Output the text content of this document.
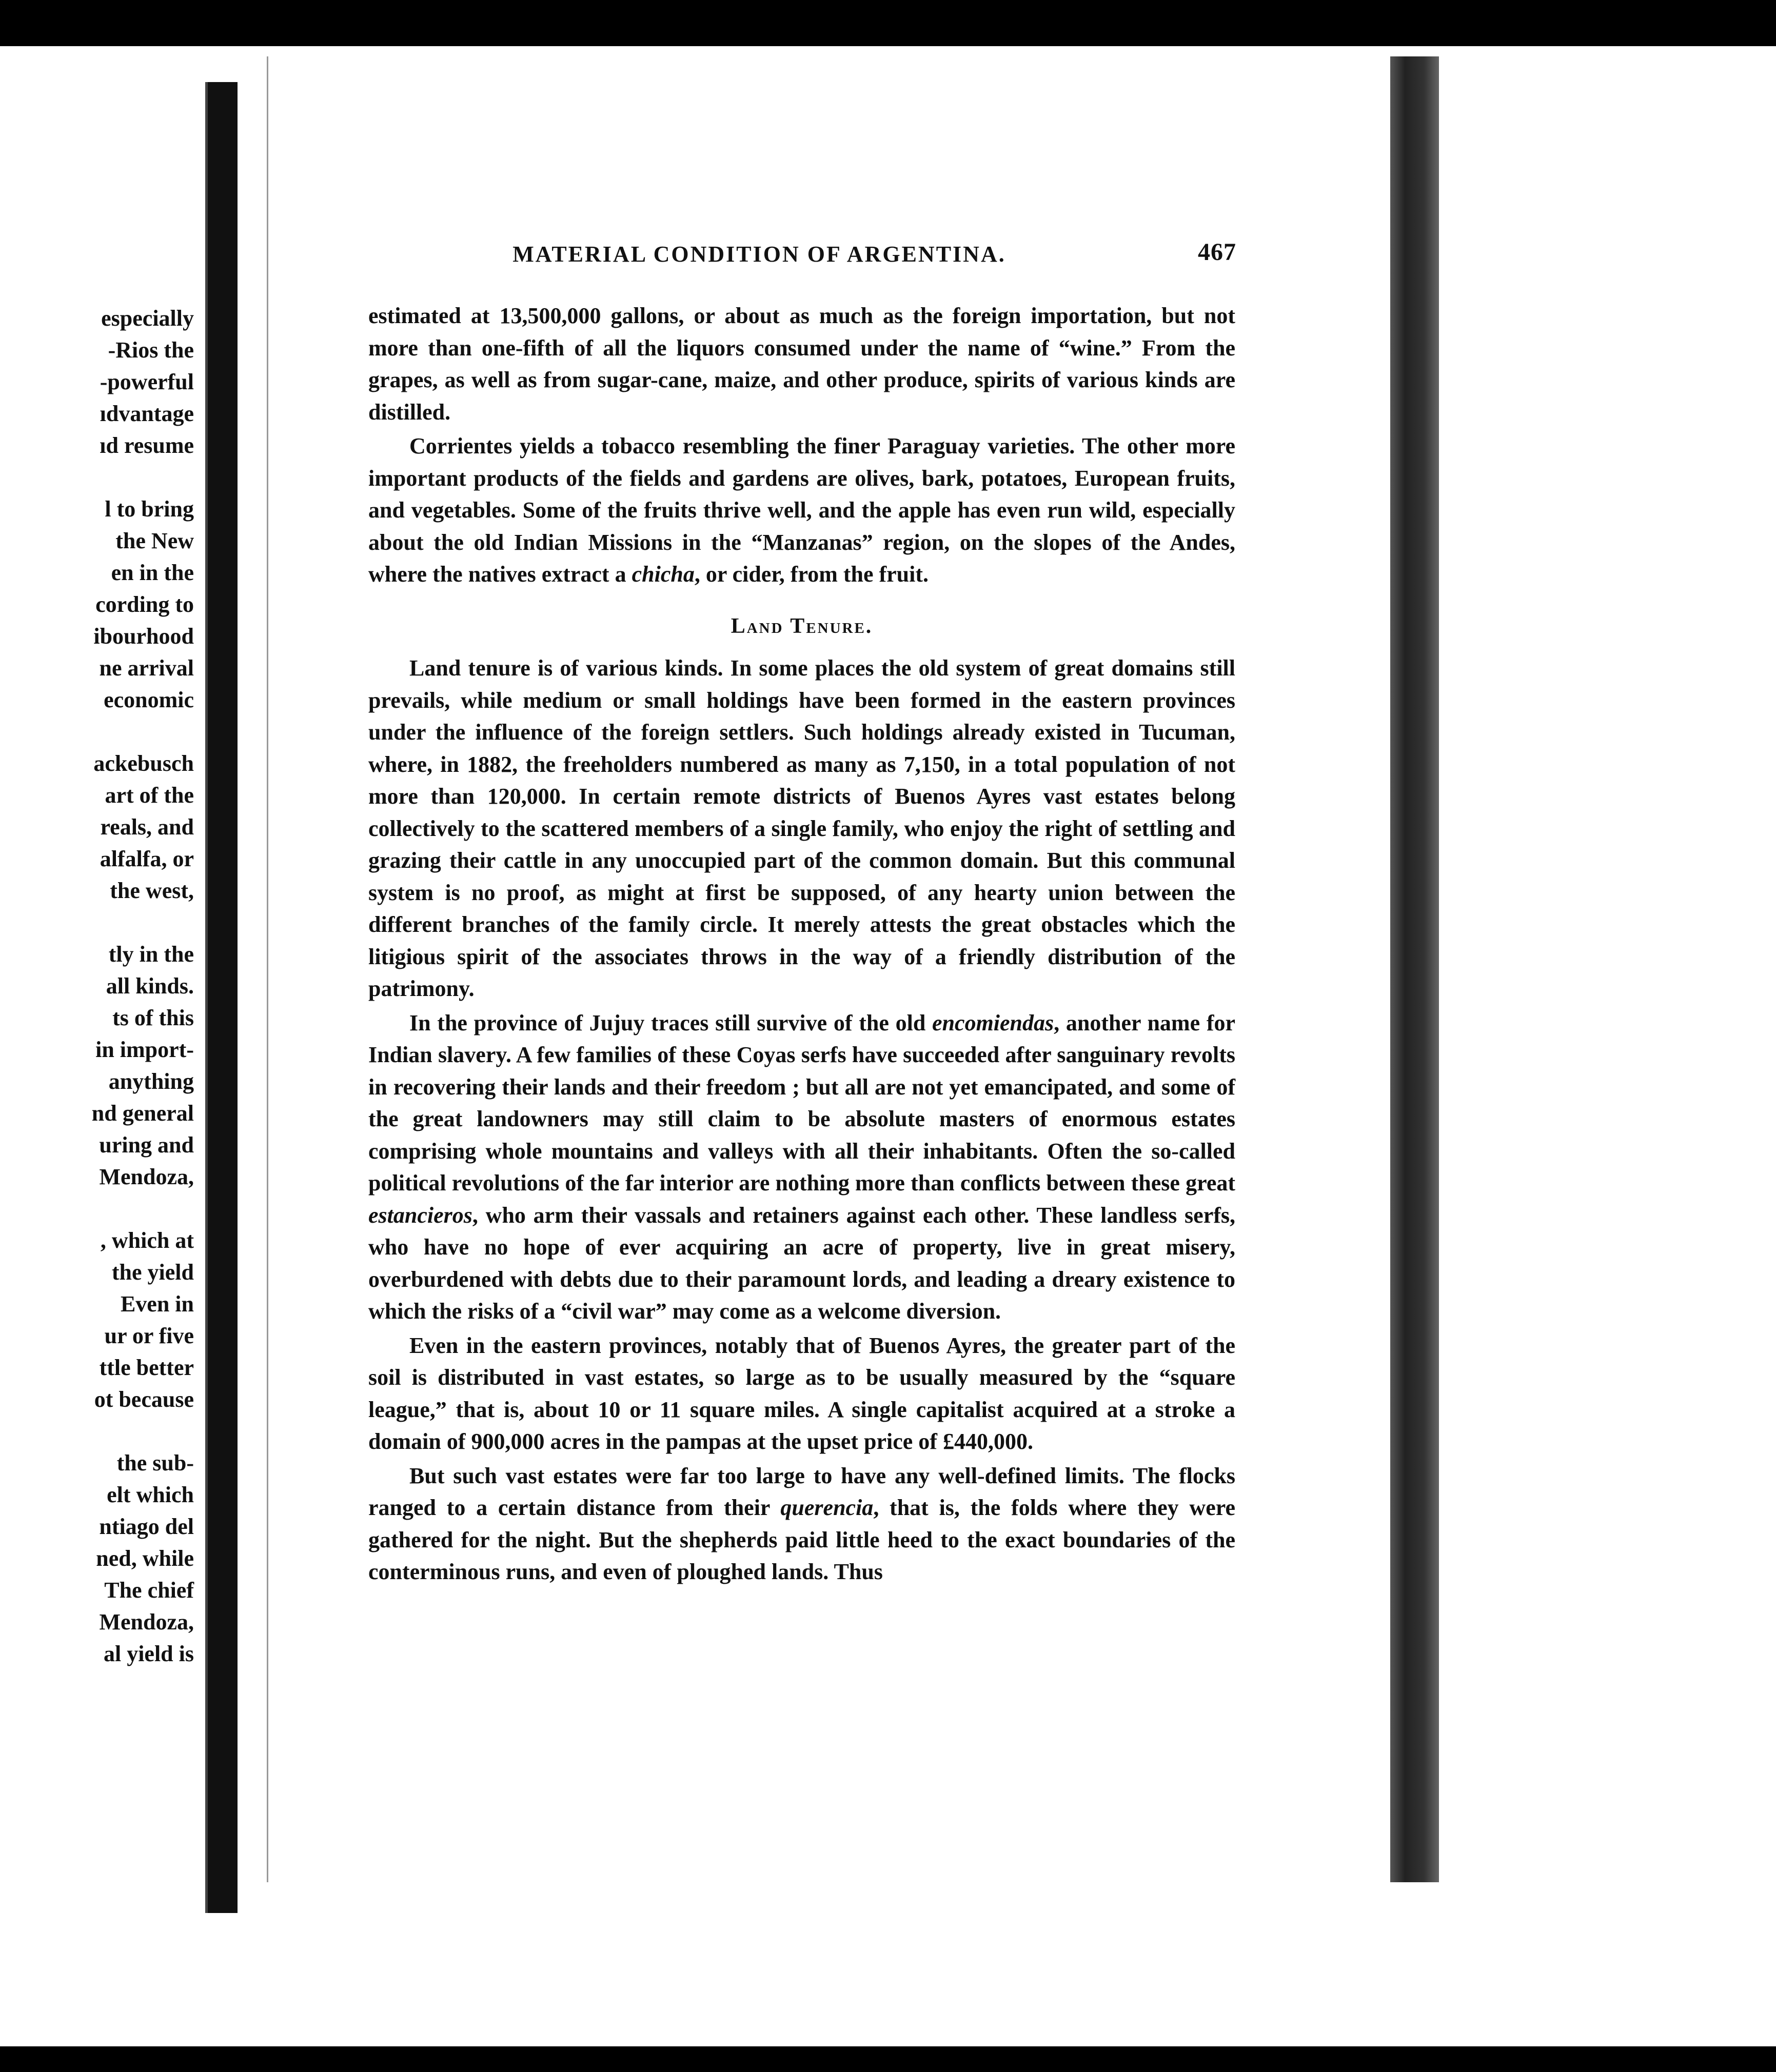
especially
-Rios the
-powerful
ıdvantage
ıd resume
l to bring
the New
en in the
cording to
ibourhood
ne arrival
economic
ackebusch
art of the
reals, and
alfalfa, or
the west,
tly in the
all kinds.
ts of this
in import-
anything
nd general
uring and
Mendoza,
, which at
the yield
Even in
ur or five
ttle better
ot because
the sub-
elt which
ntiago del
ned, while
The chief
Mendoza,
al yield is
MATERIAL CONDITION OF ARGENTINA.	467

estimated at 13,500,000 gallons, or about as much as the foreign importation, but not more than one-fifth of all the liquors consumed under the name of “wine.” From the grapes, as well as from sugar-cane, maize, and other produce, spirits of various kinds are distilled.

Corrientes yields a tobacco resembling the finer Paraguay varieties. The other more important products of the fields and gardens are olives, bark, potatoes, European fruits, and vegetables. Some of the fruits thrive well, and the apple has even run wild, especially about the old Indian Missions in the “Manzanas” region, on the slopes of the Andes, where the natives extract a chicha, or cider, from the fruit.

Land Tenure.

Land tenure is of various kinds. In some places the old system of great domains still prevails, while medium or small holdings have been formed in the eastern provinces under the influence of the foreign settlers. Such holdings already existed in Tucuman, where, in 1882, the freeholders numbered as many as 7,150, in a total population of not more than 120,000. In certain remote districts of Buenos Ayres vast estates belong collectively to the scattered members of a single family, who enjoy the right of settling and grazing their cattle in any unoccupied part of the common domain. But this communal system is no proof, as might at first be supposed, of any hearty union between the different branches of the family circle. It merely attests the great obstacles which the litigious spirit of the associates throws in the way of a friendly distribution of the patrimony.

In the province of Jujuy traces still survive of the old encomiendas, another name for Indian slavery. A few families of these Coyas serfs have succeeded after sanguinary revolts in recovering their lands and their freedom ; but all are not yet emancipated, and some of the great landowners may still claim to be absolute masters of enormous estates comprising whole mountains and valleys with all their inhabitants. Often the so-called political revolutions of the far interior are nothing more than conflicts between these great estancieros, who arm their vassals and retainers against each other. These landless serfs, who have no hope of ever acquiring an acre of property, live in great misery, overburdened with debts due to their paramount lords, and leading a dreary existence to which the risks of a “civil war” may come as a welcome diversion.

Even in the eastern provinces, notably that of Buenos Ayres, the greater part of the soil is distributed in vast estates, so large as to be usually measured by the “square league,” that is, about 10 or 11 square miles. A single capitalist acquired at a stroke a domain of 900,000 acres in the pampas at the upset price of £440,000.

But such vast estates were far too large to have any well-defined limits. The flocks ranged to a certain distance from their querencia, that is, the folds where they were gathered for the night. But the shepherds paid little heed to the exact boundaries of the conterminous runs, and even of ploughed lands. Thus
